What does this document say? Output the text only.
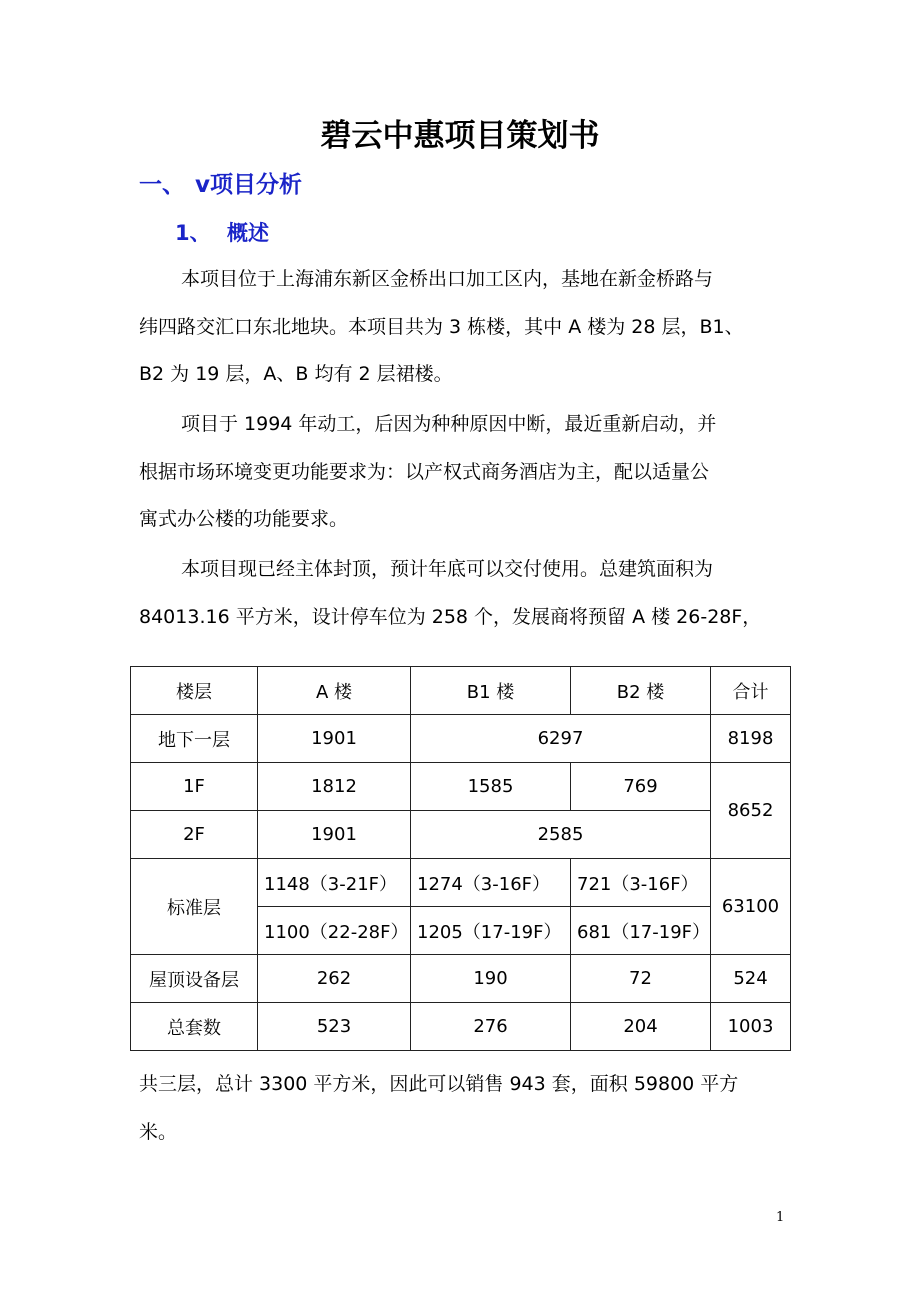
碧云中惠项目策划书
一、 v项目分析
1、 概述
本项目位于上海浦东新区金桥出口加工区内，基地在新金桥路与
纬四路交汇口东北地块。本项目共为 3 栋楼，其中 A 楼为 28 层，B1、
B2 为 19 层，A、B 均有 2 层裙楼。
项目于 1994 年动工，后因为种种原因中断，最近重新启动，并
根据市场环境变更功能要求为：以产权式商务酒店为主，配以适量公
寓式办公楼的功能要求。
本项目现已经主体封顶，预计年底可以交付使用。总建筑面积为
84013.16 平方米，设计停车位为 258 个，发展商将预留 A 楼 26-28F，
楼层	A 楼	B1 楼	B2 楼	合计
地下一层	1901	6297		8198
1F	1812	1585	769	8652
2F	1901	2585		
标准层	1148（3-21F）	1274（3-16F）	721（3-16F）	63100
	1100（22-28F）	1205（17-19F）	681（17-19F）	
屋顶设备层	262	190	72	524
总套数	523	276	204	1003
共三层，总计 3300 平方米，因此可以销售 943 套，面积 59800 平方
米。
1
